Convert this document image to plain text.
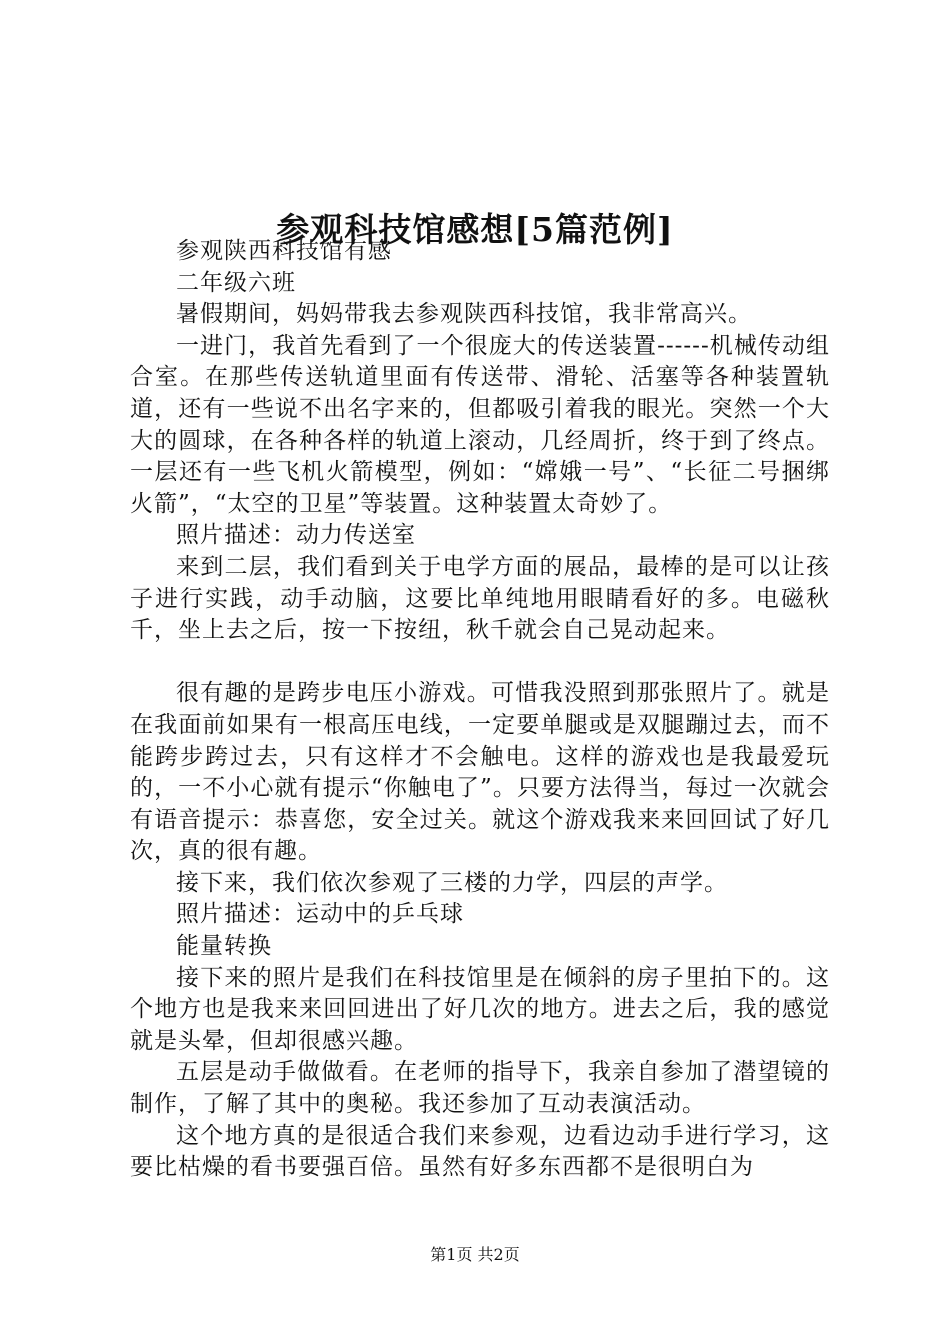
参观科技馆感想[5篇范例]

参观陕西科技馆有感

二年级六班

暑假期间，妈妈带我去参观陕西科技馆，我非常高兴。

一进门，我首先看到了一个很庞大的传送装置------机械传动组合室。在那些传送轨道里面有传送带、滑轮、活塞等各种装置轨道，还有一些说不出名字来的，但都吸引着我的眼光。突然一个大大的圆球，在各种各样的轨道上滚动，几经周折，终于到了终点。一层还有一些飞机火箭模型，例如：“嫦娥一号”、“长征二号捆绑火箭”，“太空的卫星”等装置。这种装置太奇妙了。

照片描述：动力传送室

来到二层，我们看到关于电学方面的展品，最棒的是可以让孩子进行实践，动手动脑，这要比单纯地用眼睛看好的多。电磁秋千，坐上去之后，按一下按纽，秋千就会自己晃动起来。

很有趣的是跨步电压小游戏。可惜我没照到那张照片了。就是在我面前如果有一根高压电线，一定要单腿或是双腿蹦过去，而不能跨步跨过去，只有这样才不会触电。这样的游戏也是我最爱玩的，一不小心就有提示“你触电了”。只要方法得当，每过一次就会有语音提示：恭喜您，安全过关。就这个游戏我来来回回试了好几次，真的很有趣。

接下来，我们依次参观了三楼的力学，四层的声学。

照片描述：运动中的乒乓球

能量转换

接下来的照片是我们在科技馆里是在倾斜的房子里拍下的。这个地方也是我来来回回进出了好几次的地方。进去之后，我的感觉就是头晕，但却很感兴趣。

五层是动手做做看。在老师的指导下，我亲自参加了潜望镜的制作，了解了其中的奥秘。我还参加了互动表演活动。

这个地方真的是很适合我们来参观，边看边动手进行学习，这要比枯燥的看书要强百倍。虽然有好多东西都不是很明白为

第1页 共2页
